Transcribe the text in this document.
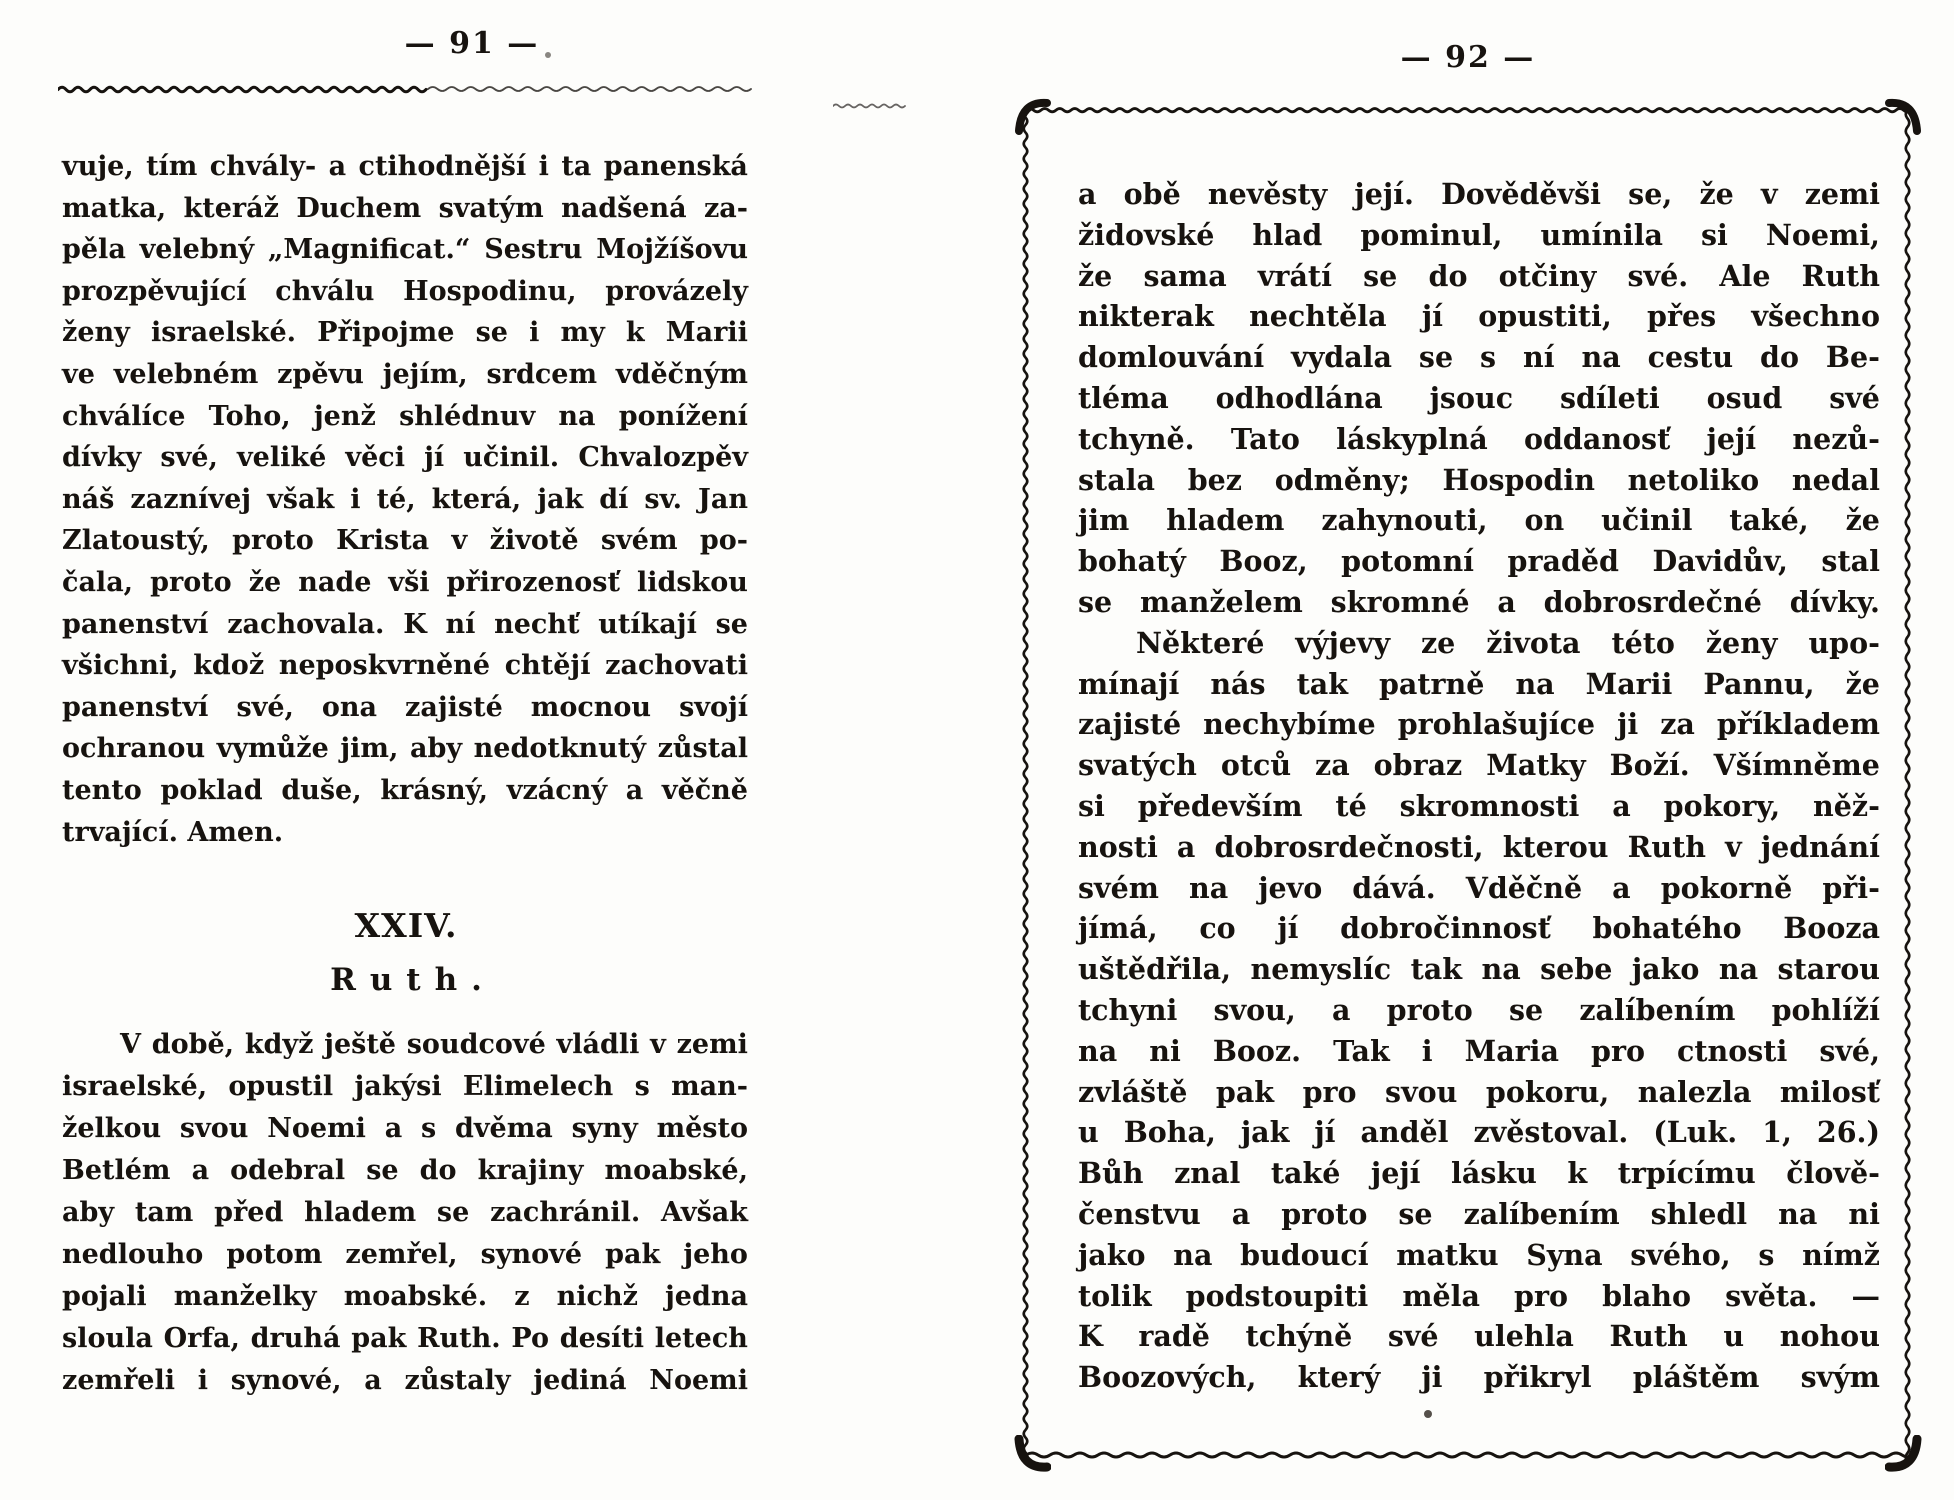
— 91 —
vuje, tím chvály- a ctihodnější i ta panenská
matka, kteráž Duchem svatým nadšená za-
pěla velebný „Magnificat.“ Sestru Mojžíšovu
prozpěvující chválu Hospodinu, provázely
ženy israelské. Připojme se i my k Marii
ve velebném zpěvu jejím, srdcem vděčným
chválíce Toho, jenž shlédnuv na ponížení
dívky své, veliké věci jí učinil. Chvalozpěv
náš zaznívej však i té, která, jak dí sv. Jan
Zlatoustý, proto Krista v životě svém po-
čala, proto že nade vši přirozenosť lidskou
panenství zachovala. K ní nechť utíkají se
všichni, kdož neposkvrněné chtějí zachovati
panenství své, ona zajisté mocnou svojí
ochranou vymůže jim, aby nedotknutý zůstal
tento poklad duše, krásný, vzácný a věčně
trvající. Amen.
XXIV.
Ruth.
V době, když ještě soudcové vládli v zemi
israelské, opustil jakýsi Elimelech s man-
želkou svou Noemi a s dvěma syny město
Betlém a odebral se do krajiny moabské,
aby tam před hladem se zachránil. Avšak
nedlouho potom zemřel, synové pak jeho
pojali manželky moabské. z nichž jedna
sloula Orfa, druhá pak Ruth. Po desíti letech
zemřeli i synové, a zůstaly jediná Noemi
— 92 —
a obě nevěsty její. Dověděvši se, že v zemi
židovské hlad pominul, umínila si Noemi,
že sama vrátí se do otčiny své. Ale Ruth
nikterak nechtěla jí opustiti, přes všechno
domlouvání vydala se s ní na cestu do Be-
tléma odhodlána jsouc sdíleti osud své
tchyně. Tato láskyplná oddanosť její nezů-
stala bez odměny; Hospodin netoliko nedal
jim hladem zahynouti, on učinil také, že
bohatý Booz, potomní praděd Davidův, stal
se manželem skromné a dobrosrdečné dívky.
Některé výjevy ze života této ženy upo-
mínají nás tak patrně na Marii Pannu, že
zajisté nechybíme prohlašujíce ji za příkladem
svatých otců za obraz Matky Boží. Všímněme
si především té skromnosti a pokory, něž-
nosti a dobrosrdečnosti, kterou Ruth v jednání
svém na jevo dává. Vděčně a pokorně při-
jímá, co jí dobročinnosť bohatého Booza
uštědřila, nemyslíc tak na sebe jako na starou
tchyni svou, a proto se zalíbením pohlíží
na ni Booz. Tak i Maria pro ctnosti své,
zvláště pak pro svou pokoru, nalezla milosť
u Boha, jak jí anděl zvěstoval. (Luk. 1, 26.)
Bůh znal také její lásku k trpícímu člově-
čenstvu a proto se zalíbením shledl na ni
jako na budoucí matku Syna svého, s nímž
tolik podstoupiti měla pro blaho světa. —
K radě tchýně své ulehla Ruth u nohou
Boozových, který ji přikryl pláštěm svým
